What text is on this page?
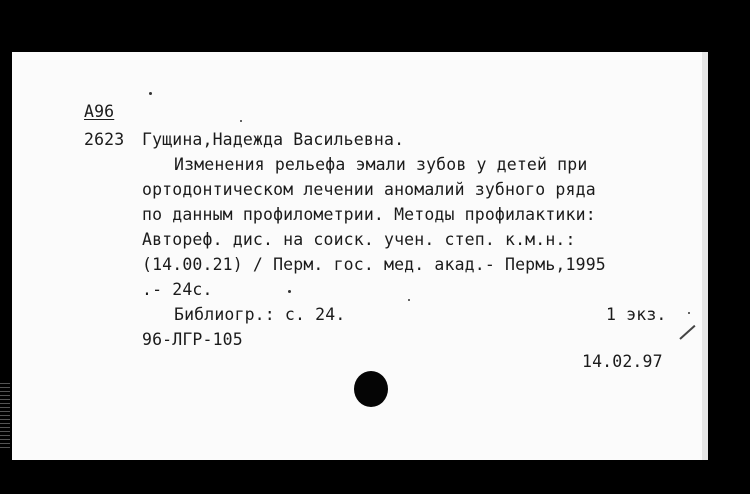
А96
2623 Гущина,Надежда Васильевна.
Изменения рельефа эмали зубов у детей при
ортодонтическом лечении аномалий зубного ряда
по данным профилометрии. Методы профилактики:
Автореф. дис. на соиск. учен. степ. к.м.н.:
(14.00.21) / Перм. гос. мед. акад.- Пермь,1995
.- 24с.
Библиогр.: с. 24.	1 экз.
96-ЛГР-105
14.02.97
